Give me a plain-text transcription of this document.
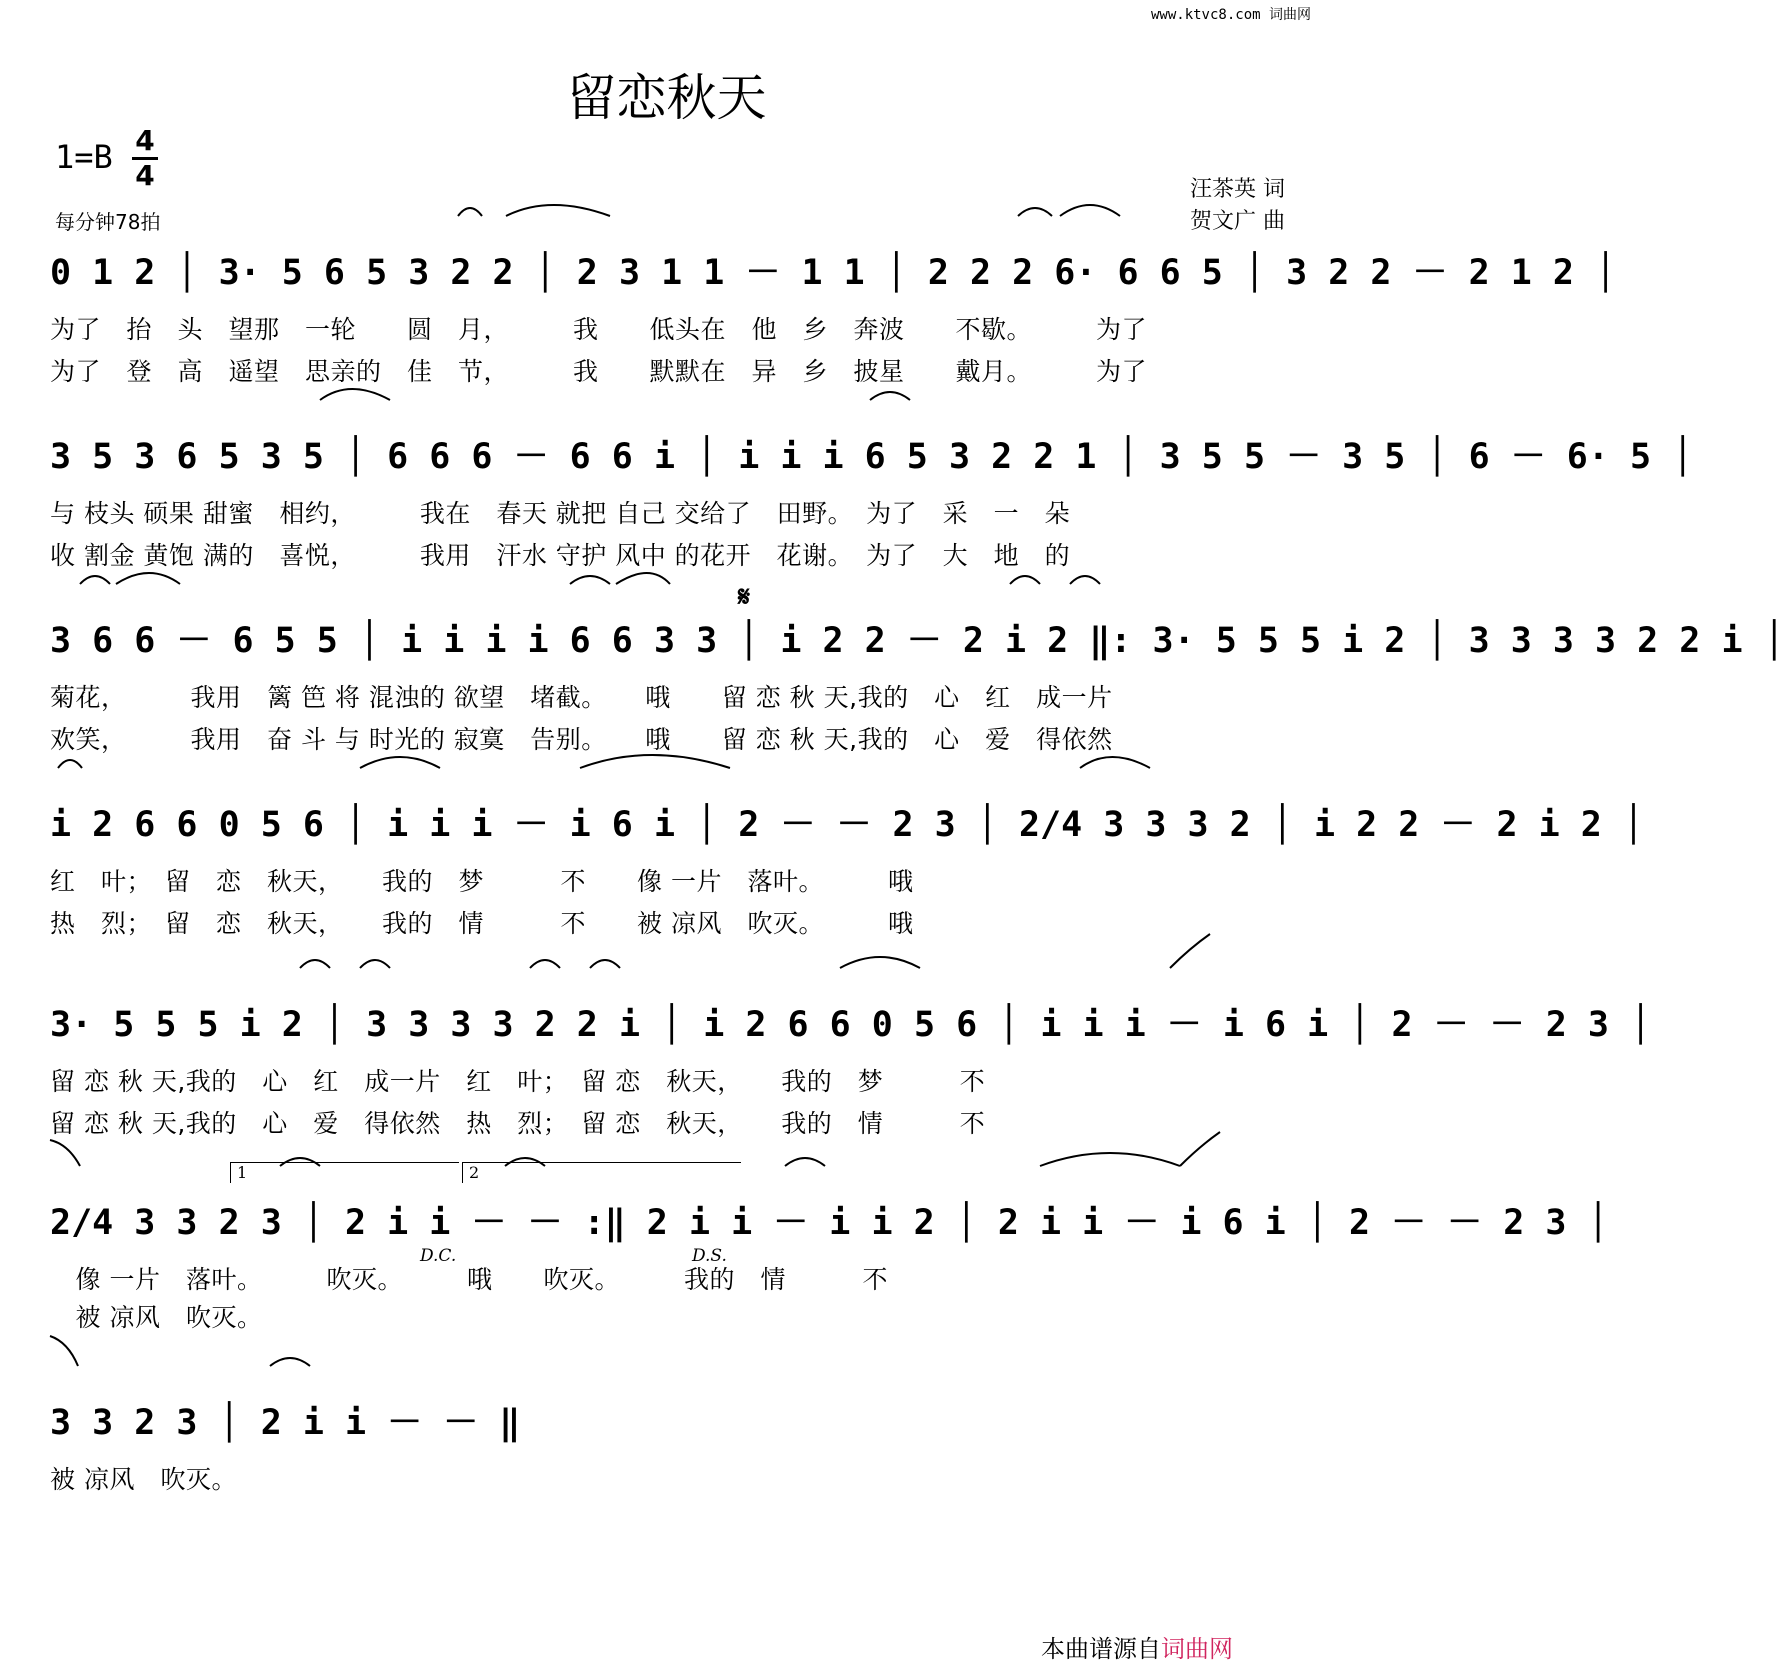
www.ktvc8.com 词曲网
留恋秋天
1=B 4
4
每分钟78拍
汪茶英 词
贺文广 曲
0 1 2 │ 3· 5 6 5 3 2 2 │ 2 3 1 1 － 1 1 │ 2 2 2 6· 6 6 5 │ 3 2 2 － 2 1 2 │
为了　抬　头　望那　一轮　　圆　月，　　　我　　低头在　他　乡　奔波　　不歇。　　　为了
为了　登　高　遥望　思亲的　佳　节，　　　我　　默默在　异　乡　披星　　戴月。　　　为了
3 5 3 6 5 3 5 │ 6 6 6 － 6 6 i │ i i i 6 5 3 2 2 1 │ 3 5 5 － 3 5 │ 6 － 6· 5 │
与 枝头 硕果 甜蜜　相约，　　　我在　春天 就把 自己 交给了　田野。　为了　采　一　朵
收 割金 黄饱 满的　喜悦，　　　我用　汗水 守护 风中 的花开　花谢。　为了　大　地　的
𝄋
3 6 6 － 6 5 5 │ i i i i 6 6 3 3 │ i 2 2 － 2 i 2 ‖: 3· 5 5 5 i 2 │ 3 3 3 3 2 2 i │
菊花，　　　我用　篱 笆 将 混浊的 欲望　堵截。　　哦　　留 恋 秋 天,我的　心　红　成一片
欢笑，　　　我用　奋 斗 与 时光的 寂寞　告别。　　哦　　留 恋 秋 天,我的　心　爱　得依然
i 2 6 6 0 5 6 │ i i i － i 6 i │ 2 － － 2 3 │ 2/4 3 3 3 2 │ i 2 2 － 2 i 2 │
红　叶；　留　恋　秋天，　　我的　梦　　　不　　像 一片　落叶。　　　哦
热　烈；　留　恋　秋天，　　我的　情　　　不　　被 凉风　吹灭。　　　哦
3· 5 5 5 i 2 │ 3 3 3 3 2 2 i │ i 2 6 6 0 5 6 │ i i i － i 6 i │ 2 － － 2 3 │
留 恋 秋 天,我的　心　红　成一片　红　叶；　留 恋　秋天，　　我的　梦　　　不
留 恋 秋 天,我的　心　爱　得依然　热　烈；　留 恋　秋天，　　我的　情　　　不
1	2
2/4 3 3 2 3 │ 2 i i － － :‖ 2 i i － i i 2 │ 2 i i － i 6 i │ 2 － － 2 3 │
D.C.	D.S.
　像 一片　落叶。　　　吹灭。　　　哦　　吹灭。　　　我的　情　　　不
　被 凉风　吹灭。
3 3 2 3 │ 2 i i － － ‖
被 凉风　吹灭。
本曲谱源自词曲网
